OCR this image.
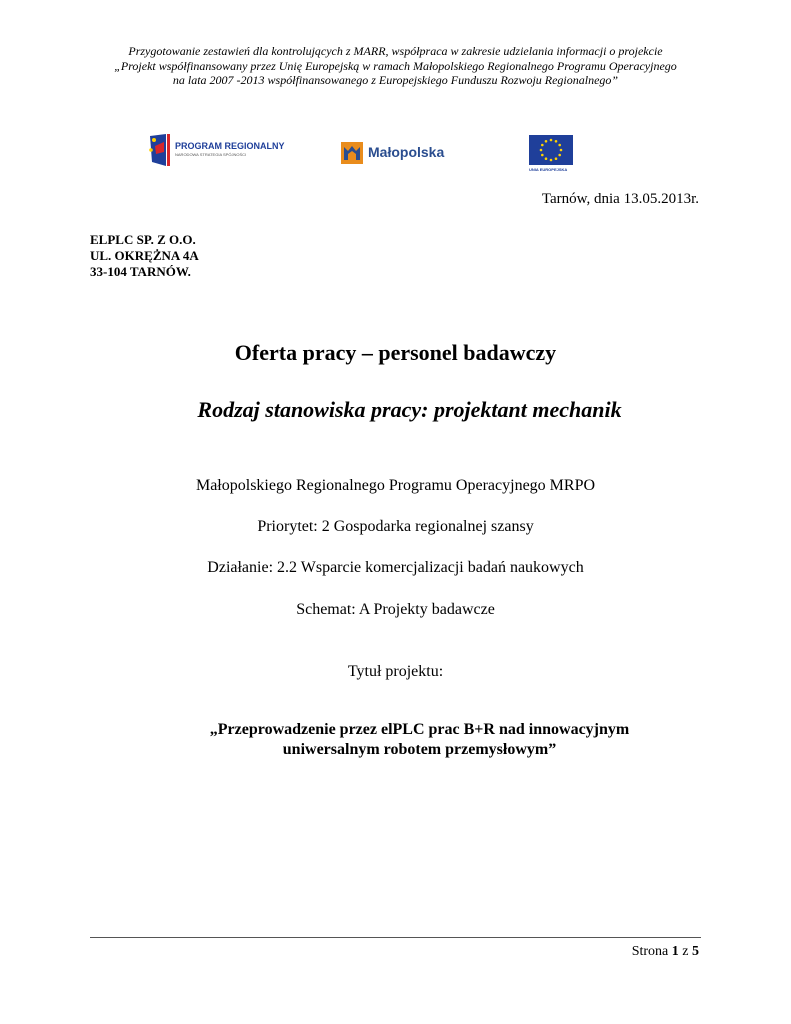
Przygotowanie zestawień dla kontrolujących z MARR, współpraca w zakresie udzielania informacji o projekcie
„Projekt współfinansowany przez Unię Europejską w ramach Małopolskiego Regionalnego Programu Operacyjnego
na lata 2007 -2013 współfinansowanego z Europejskiego Funduszu Rozwoju Regionalnego”
PROGRAM REGIONALNY
NARODOWA STRATEGIA SPÓJNOŚCI	Małopolska
UNIA EUROPEJSKA
Tarnów, dnia 13.05.2013r.
ELPLC SP. Z O.O.
UL. OKRĘŻNA 4A
33-104 TARNÓW.
Oferta pracy – personel badawczy
Rodzaj stanowiska pracy: projektant mechanik
Małopolskiego Regionalnego Programu Operacyjnego MRPO
Priorytet: 2 Gospodarka regionalnej szansy
Działanie: 2.2 Wsparcie komercjalizacji badań naukowych
Schemat: A Projekty badawcze
Tytuł projektu:
„Przeprowadzenie przez elPLC prac B+R nad innowacyjnym
uniwersalnym robotem przemysłowym”
Strona 1 z 5
